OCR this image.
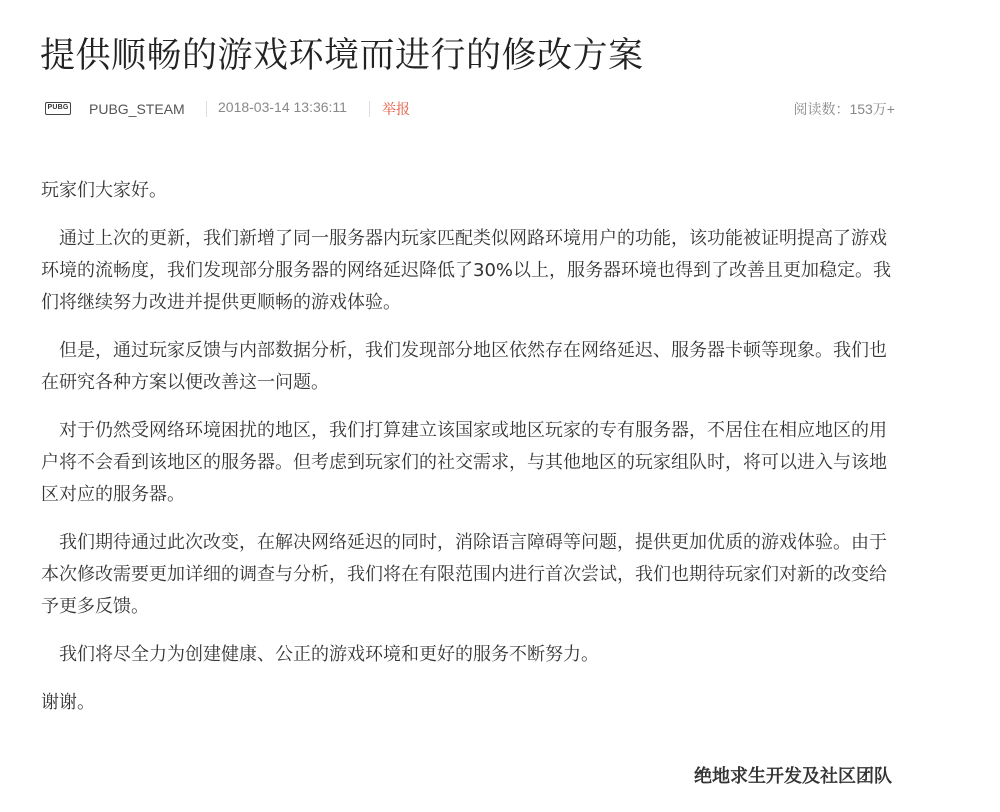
提供顺畅的游戏环境而进行的修改方案
PUBG PUBG_STEAM 2018-03-14 13:36:11	举报	阅读数：153万+

玩家们大家好。

通过上次的更新，我们新增了同一服务器内玩家匹配类似网路环境用户的功能，该功能被证明提高了游戏环境的流畅度，我们发现部分服务器的网络延迟降低了30%以上，服务器环境也得到了改善且更加稳定。我们将继续努力改进并提供更顺畅的游戏体验。

但是，通过玩家反馈与内部数据分析，我们发现部分地区依然存在网络延迟、服务器卡顿等现象。我们也在研究各种方案以便改善这一问题。

对于仍然受网络环境困扰的地区，我们打算建立该国家或地区玩家的专有服务器，不居住在相应地区的用户将不会看到该地区的服务器。但考虑到玩家们的社交需求，与其他地区的玩家组队时，将可以进入与该地区对应的服务器。

我们期待通过此次改变，在解决网络延迟的同时，消除语言障碍等问题，提供更加优质的游戏体验。由于本次修改需要更加详细的调查与分析，我们将在有限范围内进行首次尝试，我们也期待玩家们对新的改变给予更多反馈。

我们将尽全力为创建健康、公正的游戏环境和更好的服务不断努力。

谢谢。

绝地求生开发及社区团队
